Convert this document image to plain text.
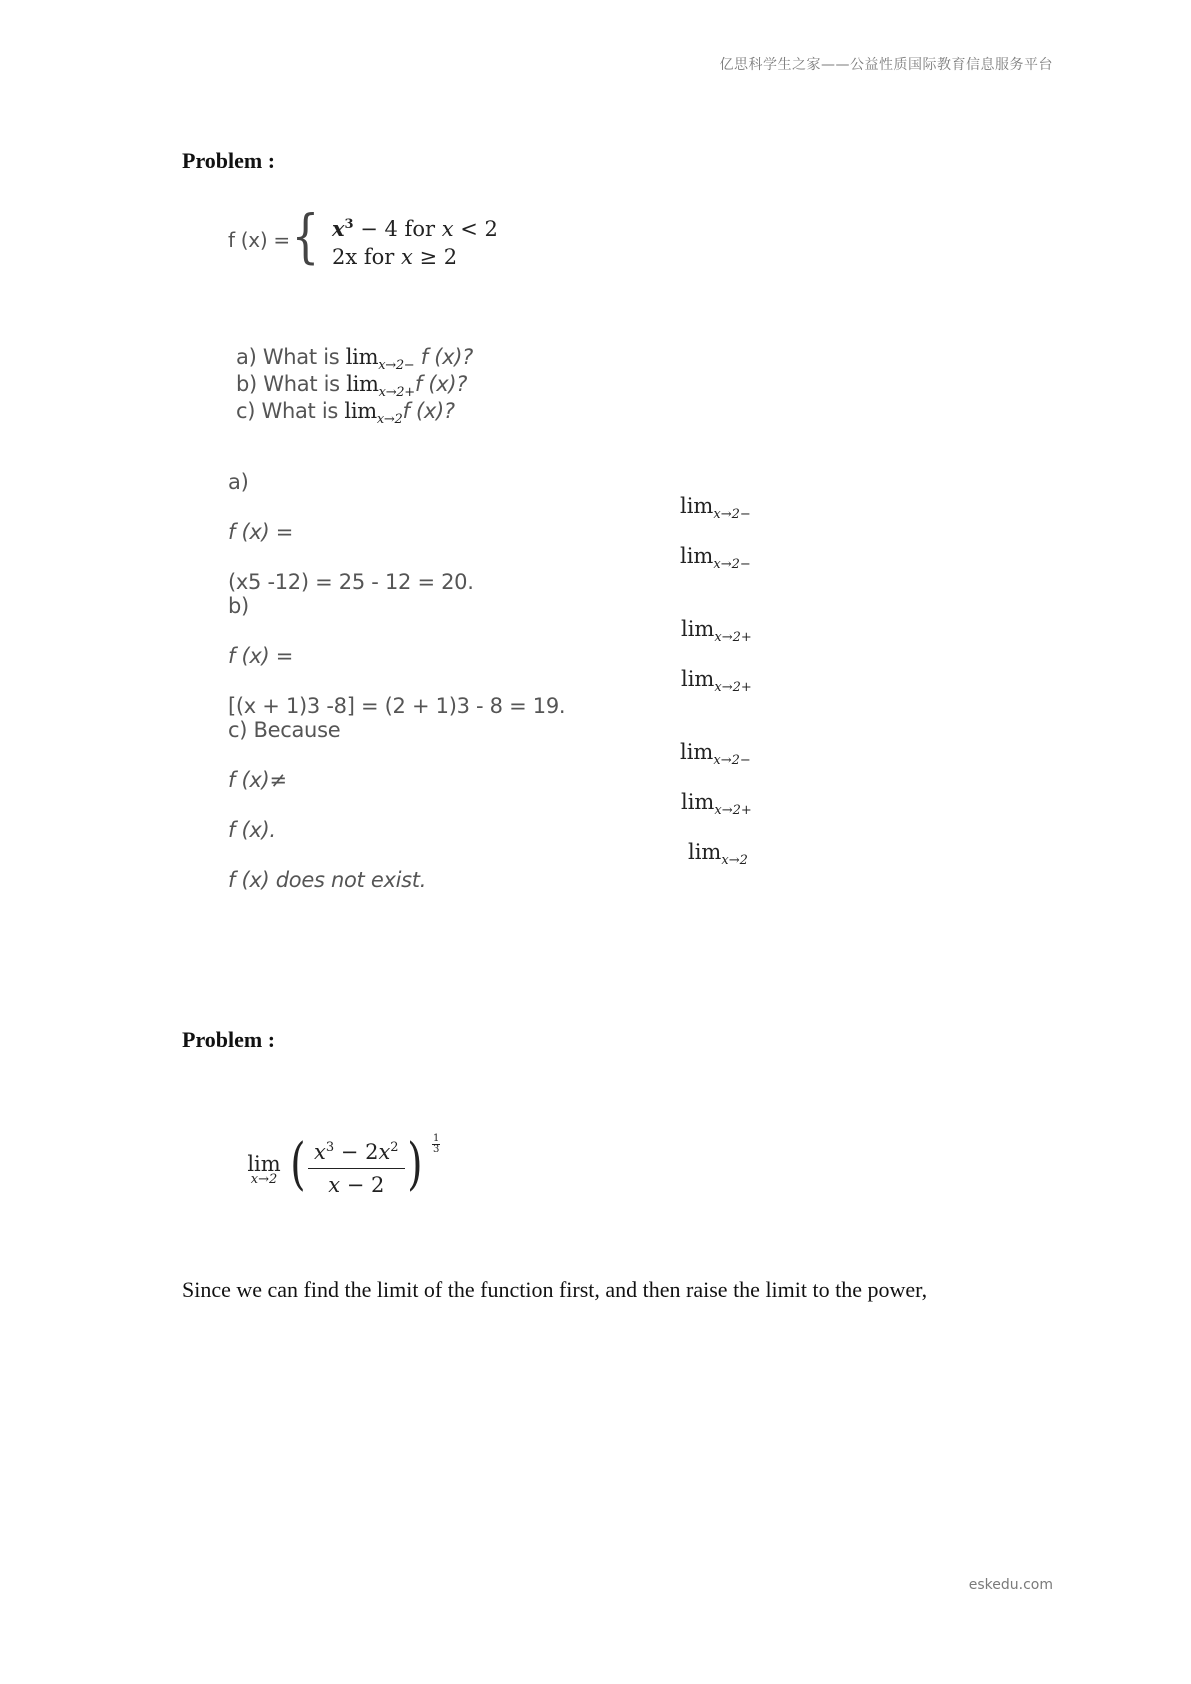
亿思科学生之家——公益性质国际教育信息服务平台
eskedu.com
Problem :
f (x) = { $x^3 - 4$ for x < 2
2x for x ≥ 2
a) What is $\lim_{x\to 2-} f$ (x)?
b) What is $\lim_{x\to 2+}f$ (x)?
c) What is $\lim_{x\to 2}f$ (x)?
a)
f (x) =
(x5 -12) = 25 - 12 = 20.
b)
f (x) =
[(x + 1)3 -8] = (2 + 1)3 - 8 = 19.
c) Because
f (x)≠
f (x).
f (x) does not exist.
$\lim_{x\to 2-}$
$\lim_{x\to 2-}$
$\lim_{x\to 2+}$
$\lim_{x\to 2+}$
$\lim_{x\to 2-}$
$\lim_{x\to 2+}$
$\lim_{x\to 2}$
Problem :
lim
x→2 ( $\frac{x^3 - 2x^2}{x - 2}$ ) 1
3
Since we can find the limit of the function first, and then raise the limit to the power,
